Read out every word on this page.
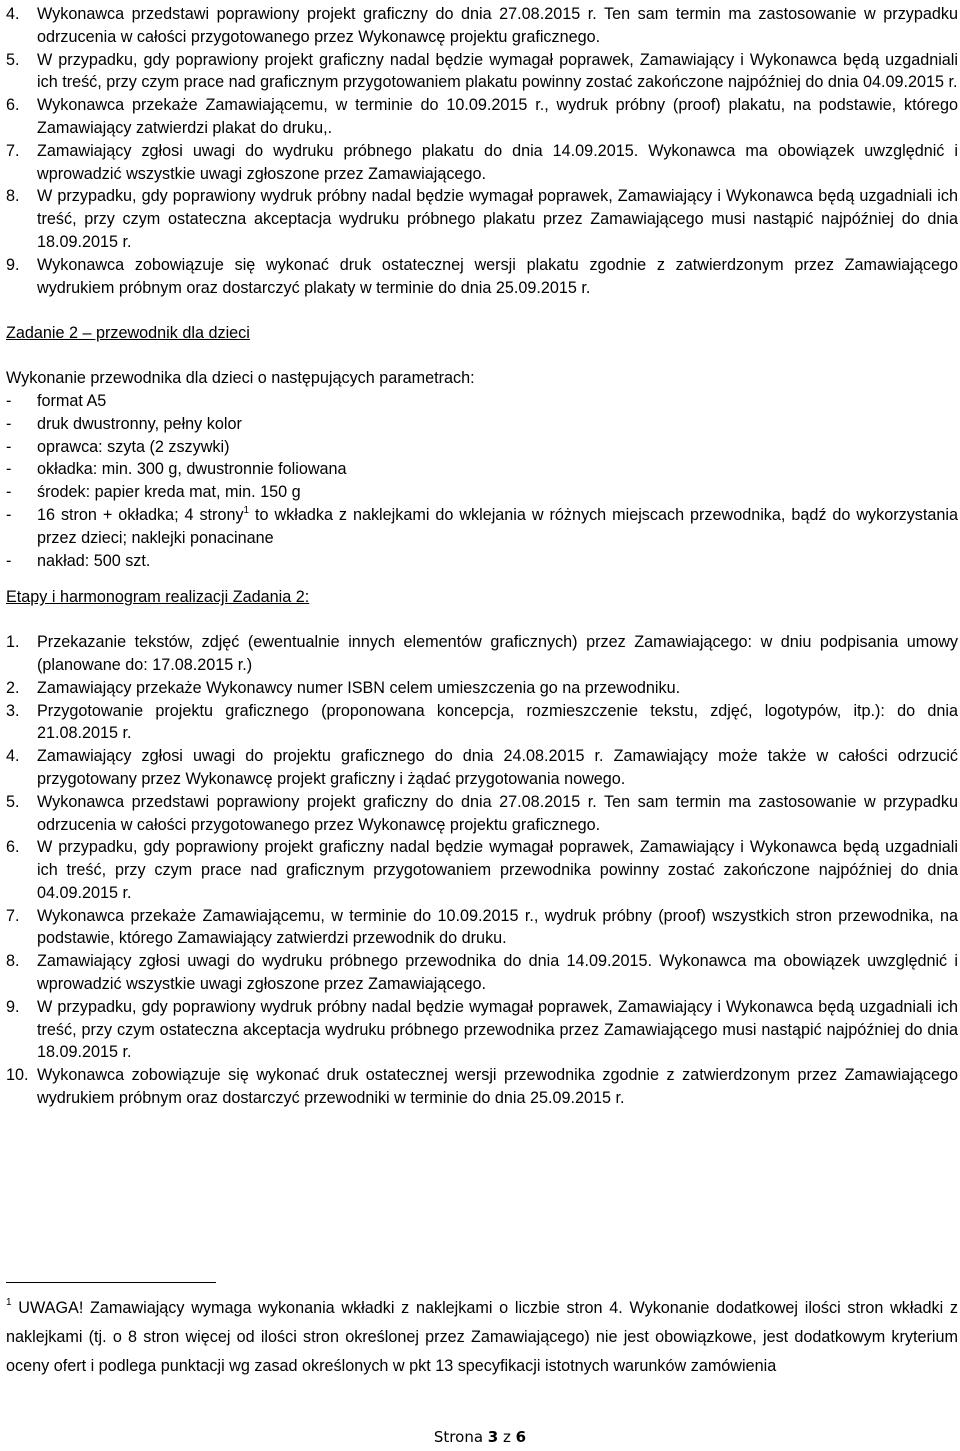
4.	Wykonawca przedstawi poprawiony projekt graficzny do dnia 27.08.2015 r. Ten sam termin ma zastosowanie w przypadku odrzucenia w całości przygotowanego przez Wykonawcę projektu graficznego.
5.	W przypadku, gdy poprawiony projekt graficzny nadal będzie wymagał poprawek, Zamawiający i Wykonawca będą uzgadniali ich treść, przy czym prace nad graficznym przygotowaniem plakatu powinny zostać zakończone najpóźniej do dnia 04.09.2015 r.
6.	Wykonawca przekaże Zamawiającemu, w terminie do 10.09.2015 r., wydruk próbny (proof) plakatu, na podstawie, którego Zamawiający zatwierdzi plakat do druku,.
7.	Zamawiający zgłosi uwagi do wydruku próbnego plakatu do dnia 14.09.2015. Wykonawca ma obowiązek uwzględnić i wprowadzić wszystkie uwagi zgłoszone przez Zamawiającego.
8.	W przypadku, gdy poprawiony wydruk próbny nadal będzie wymagał poprawek, Zamawiający i Wykonawca będą uzgadniali ich treść, przy czym ostateczna akceptacja wydruku próbnego plakatu przez Zamawiającego musi nastąpić najpóźniej do dnia 18.09.2015 r.
9.	Wykonawca zobowiązuje się wykonać druk ostatecznej wersji plakatu zgodnie z zatwierdzonym przez Zamawiającego wydrukiem próbnym oraz dostarczyć plakaty w terminie do dnia 25.09.2015 r.
Zadanie 2 – przewodnik dla dzieci
Wykonanie przewodnika dla dzieci o następujących parametrach:
-	format A5
-	druk dwustronny, pełny kolor
-	oprawca: szyta (2 zszywki)
-	okładka: min. 300 g, dwustronnie foliowana
-	środek: papier kreda mat, min. 150 g
-	16 stron + okładka; 4 strony$^1$ to wkładka z naklejkami do wklejania w różnych miejscach przewodnika, bądź do wykorzystania przez dzieci; naklejki ponacinane
-	nakład: 500 szt.
Etapy i harmonogram realizacji Zadania 2:
1.	Przekazanie tekstów, zdjęć (ewentualnie innych elementów graficznych) przez Zamawiającego: w dniu podpisania umowy (planowane do: 17.08.2015 r.)
2.	Zamawiający przekaże Wykonawcy numer ISBN celem umieszczenia go na przewodniku.
3.	Przygotowanie projektu graficznego (proponowana koncepcja, rozmieszczenie tekstu, zdjęć, logotypów, itp.): do dnia 21.08.2015 r.
4.	Zamawiający zgłosi uwagi do projektu graficznego do dnia 24.08.2015 r. Zamawiający może także w całości odrzucić przygotowany przez Wykonawcę projekt graficzny i żądać przygotowania nowego.
5.	Wykonawca przedstawi poprawiony projekt graficzny do dnia 27.08.2015 r. Ten sam termin ma zastosowanie w przypadku odrzucenia w całości przygotowanego przez Wykonawcę projektu graficznego.
6.	W przypadku, gdy poprawiony projekt graficzny nadal będzie wymagał poprawek, Zamawiający i Wykonawca będą uzgadniali ich treść, przy czym prace nad graficznym przygotowaniem przewodnika powinny zostać zakończone najpóźniej do dnia 04.09.2015 r.
7.	Wykonawca przekaże Zamawiającemu, w terminie do 10.09.2015 r., wydruk próbny (proof) wszystkich stron przewodnika, na podstawie, którego Zamawiający zatwierdzi przewodnik do druku.
8.	Zamawiający zgłosi uwagi do wydruku próbnego przewodnika do dnia 14.09.2015. Wykonawca ma obowiązek uwzględnić i wprowadzić wszystkie uwagi zgłoszone przez Zamawiającego.
9.	W przypadku, gdy poprawiony wydruk próbny nadal będzie wymagał poprawek, Zamawiający i Wykonawca będą uzgadniali ich treść, przy czym ostateczna akceptacja wydruku próbnego przewodnika przez Zamawiającego musi nastąpić najpóźniej do dnia 18.09.2015 r.
10. Wykonawca zobowiązuje się wykonać druk ostatecznej wersji przewodnika zgodnie z zatwierdzonym przez Zamawiającego wydrukiem próbnym oraz dostarczyć przewodniki w terminie do dnia 25.09.2015 r.
$^1$ UWAGA! Zamawiający wymaga wykonania wkładki z naklejkami o liczbie stron 4. Wykonanie dodatkowej ilości stron wkładki z naklejkami (tj. o 8 stron więcej od ilości stron określonej przez Zamawiającego) nie jest obowiązkowe, jest dodatkowym kryterium oceny ofert i podlega punktacji wg zasad określonych w pkt 13 specyfikacji istotnych warunków zamówienia
Strona 3 z 6
